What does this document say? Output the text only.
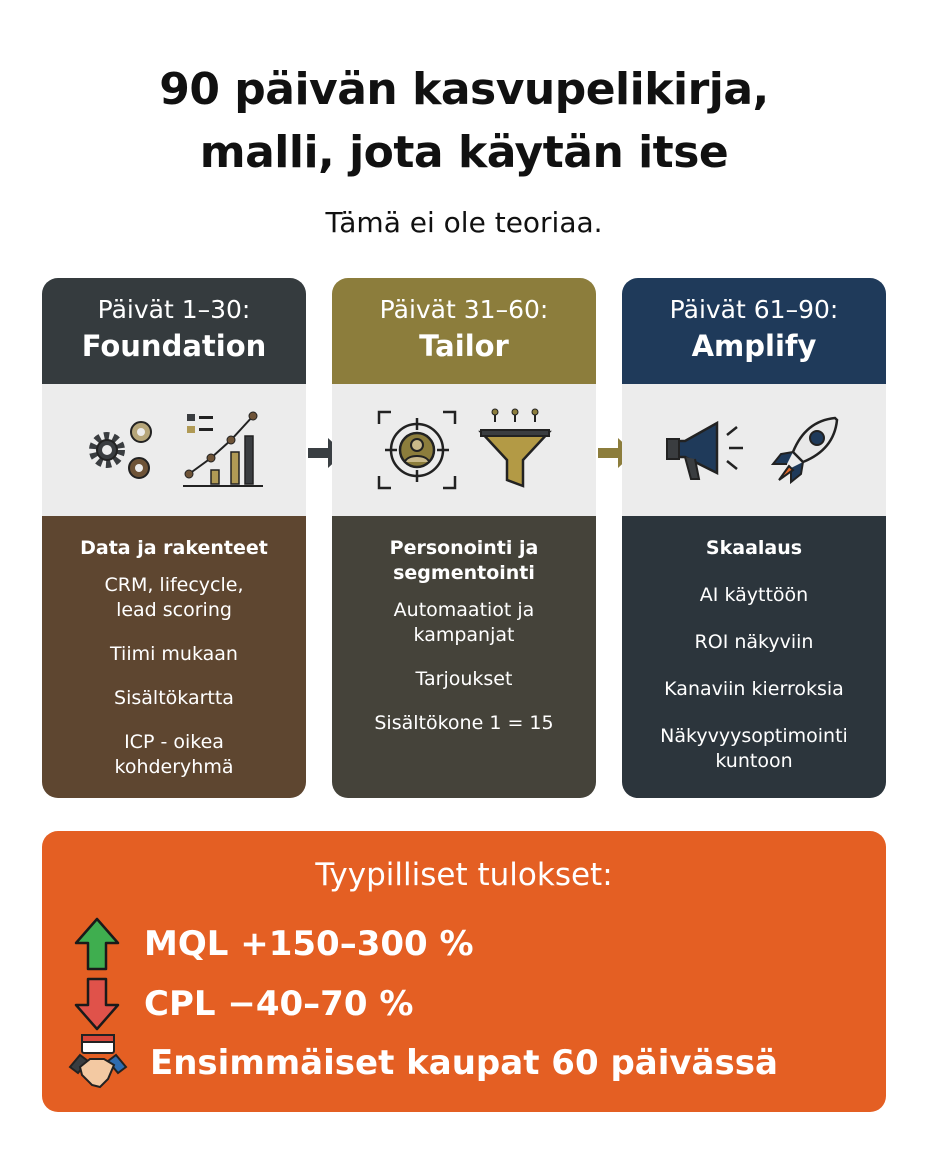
90 päivän kasvupelikirja,
malli, jota käytän itse
Tämä ei ole teoriaa.
Päivät 1–30:
Foundation
Data ja rakenteet
CRM, lifecycle, lead scoring
Tiimi mukaan
Sisältökartta
ICP - oikea kohderyhmä
Päivät 31–60:
Tailor
Personointi ja segmentointi
Automaatiot ja kampanjat
Tarjoukset
Sisältökone 1 = 15
Päivät 61–90:
Amplify
Skaalaus
AI käyttöön
ROI näkyviin
Kanaviin kierroksia
Näkyvyysoptimointi kuntoon
Tyypilliset tulokset:
MQL +150–300 %
CPL −40–70 %
Ensimmäiset kaupat 60 päivässä
